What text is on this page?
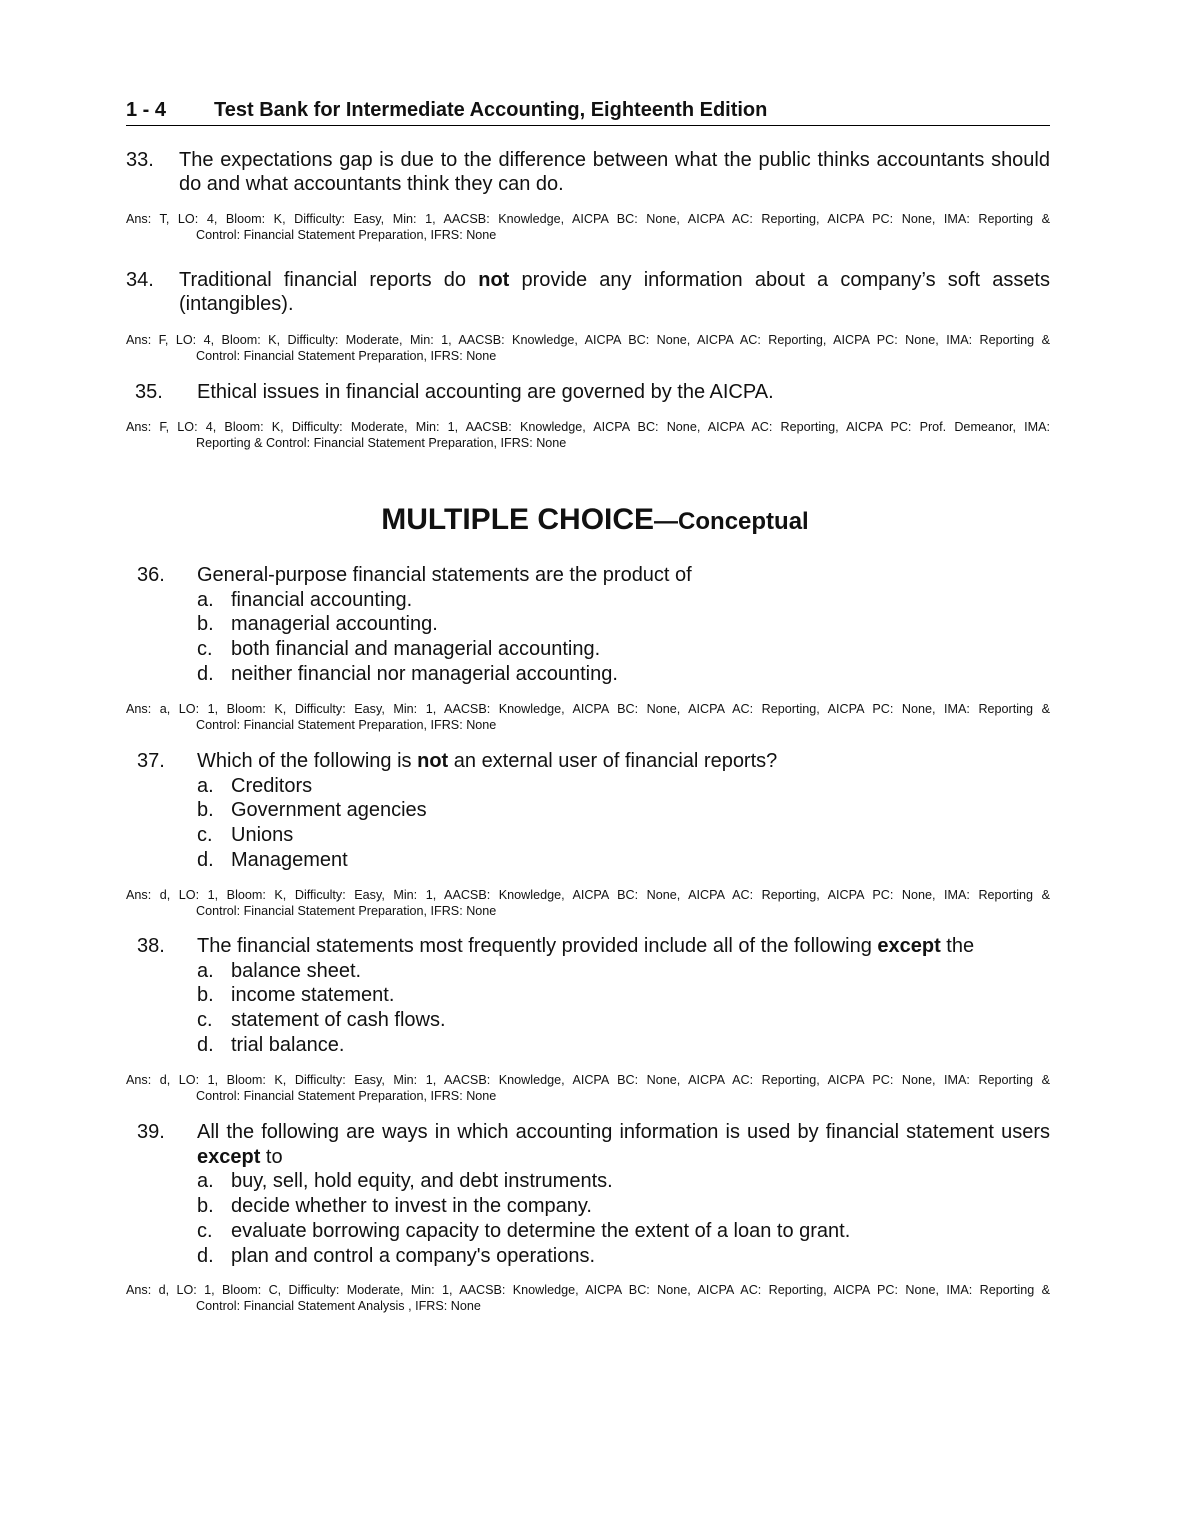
1 - 4 Test Bank for Intermediate Accounting, Eighteenth Edition
33. The expectations gap is due to the difference between what the public thinks accountants should do and what accountants think they can do.
Ans: T, LO: 4, Bloom: K, Difficulty: Easy, Min: 1, AACSB: Knowledge, AICPA BC: None, AICPA AC: Reporting, AICPA PC: None, IMA: Reporting &
Control: Financial Statement Preparation, IFRS: None
34. Traditional financial reports do not provide any information about a company’s soft assets (intangibles).
Ans: F, LO: 4, Bloom: K, Difficulty: Moderate, Min: 1, AACSB: Knowledge, AICPA BC: None, AICPA AC: Reporting, AICPA PC: None, IMA: Reporting &
Control: Financial Statement Preparation, IFRS: None
35. Ethical issues in financial accounting are governed by the AICPA.
Ans: F, LO: 4, Bloom: K, Difficulty: Moderate, Min: 1, AACSB: Knowledge, AICPA BC: None, AICPA AC: Reporting, AICPA PC: Prof. Demeanor, IMA:
Reporting & Control: Financial Statement Preparation, IFRS: None
MULTIPLE CHOICE—Conceptual
36. General-purpose financial statements are the product of
a. financial accounting.
b. managerial accounting.
c. both financial and managerial accounting.
d. neither financial nor managerial accounting.
Ans: a, LO: 1, Bloom: K, Difficulty: Easy, Min: 1, AACSB: Knowledge, AICPA BC: None, AICPA AC: Reporting, AICPA PC: None, IMA: Reporting &
Control: Financial Statement Preparation, IFRS: None
37. Which of the following is not an external user of financial reports?
a. Creditors
b. Government agencies
c. Unions
d. Management
Ans: d, LO: 1, Bloom: K, Difficulty: Easy, Min: 1, AACSB: Knowledge, AICPA BC: None, AICPA AC: Reporting, AICPA PC: None, IMA: Reporting &
Control: Financial Statement Preparation, IFRS: None
38. The financial statements most frequently provided include all of the following except the
a. balance sheet.
b. income statement.
c. statement of cash flows.
d. trial balance.
Ans: d, LO: 1, Bloom: K, Difficulty: Easy, Min: 1, AACSB: Knowledge, AICPA BC: None, AICPA AC: Reporting, AICPA PC: None, IMA: Reporting &
Control: Financial Statement Preparation, IFRS: None
39. All the following are ways in which accounting information is used by financial statement users except to
a. buy, sell, hold equity, and debt instruments.
b. decide whether to invest in the company.
c. evaluate borrowing capacity to determine the extent of a loan to grant.
d. plan and control a company's operations.
Ans: d, LO: 1, Bloom: C, Difficulty: Moderate, Min: 1, AACSB: Knowledge, AICPA BC: None, AICPA AC: Reporting, AICPA PC: None, IMA: Reporting &
Control: Financial Statement Analysis , IFRS: None
